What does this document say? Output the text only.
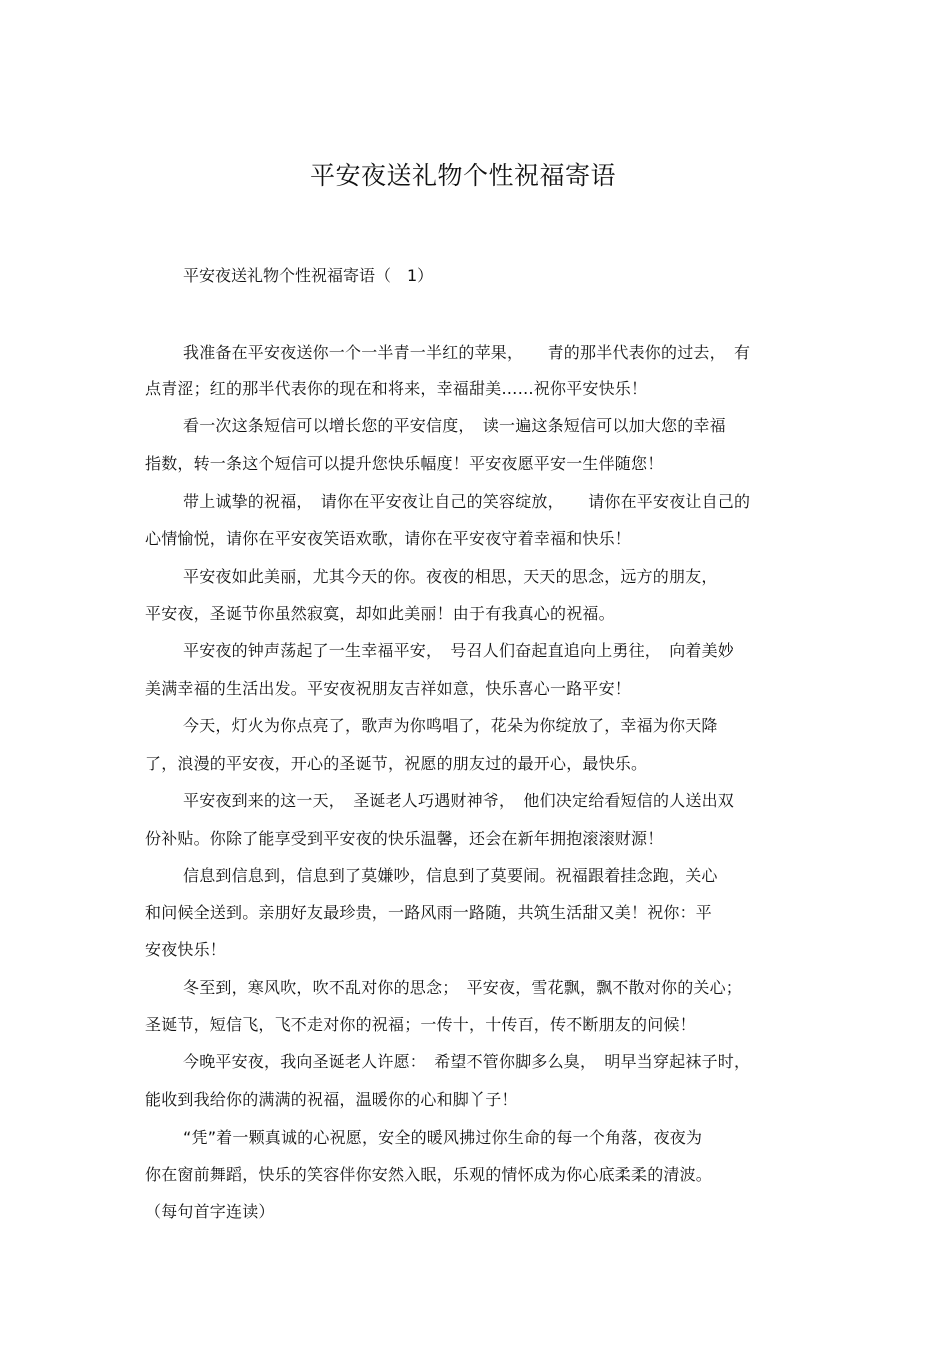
平安夜送礼物个性祝福寄语
平安夜送礼物个性祝福寄语（　1）
我准备在平安夜送你一个一半青一半红的苹果，　　青的那半代表你的过去，　有
点青涩；红的那半代表你的现在和将来，幸福甜美……祝你平安快乐！
看一次这条短信可以增长您的平安信度，　读一遍这条短信可以加大您的幸福
指数，转一条这个短信可以提升您快乐幅度！平安夜愿平安一生伴随您！
带上诚挚的祝福，　请你在平安夜让自己的笑容绽放，　　请你在平安夜让自己的
心情愉悦，请你在平安夜笑语欢歌，请你在平安夜守着幸福和快乐！
平安夜如此美丽，尤其今天的你。夜夜的相思，天天的思念，远方的朋友，
平安夜，圣诞节你虽然寂寞，却如此美丽！由于有我真心的祝福。
平安夜的钟声荡起了一生幸福平安，　号召人们奋起直追向上勇往，　向着美妙
美满幸福的生活出发。平安夜祝朋友吉祥如意，快乐喜心一路平安！
今天，灯火为你点亮了，歌声为你鸣唱了，花朵为你绽放了，幸福为你天降
了，浪漫的平安夜，开心的圣诞节，祝愿的朋友过的最开心，最快乐。
平安夜到来的这一天，　圣诞老人巧遇财神爷，　他们决定给看短信的人送出双
份补贴。你除了能享受到平安夜的快乐温馨，还会在新年拥抱滚滚财源！
信息到信息到，信息到了莫嫌吵，信息到了莫要闹。祝福跟着挂念跑，关心
和问候全送到。亲朋好友最珍贵，一路风雨一路随，共筑生活甜又美！祝你：平
安夜快乐！
冬至到，寒风吹，吹不乱对你的思念；　平安夜，雪花飘，飘不散对你的关心；
圣诞节，短信飞，飞不走对你的祝福；一传十，十传百，传不断朋友的问候！
今晚平安夜，我向圣诞老人许愿：　希望不管你脚多么臭，　明早当穿起袜子时，
能收到我给你的满满的祝福，温暖你的心和脚丫子！
“凭”着一颗真诚的心祝愿，安全的暖风拂过你生命的每一个角落，夜夜为
你在窗前舞蹈，快乐的笑容伴你安然入眠，乐观的情怀成为你心底柔柔的清波。
（每句首字连读）
